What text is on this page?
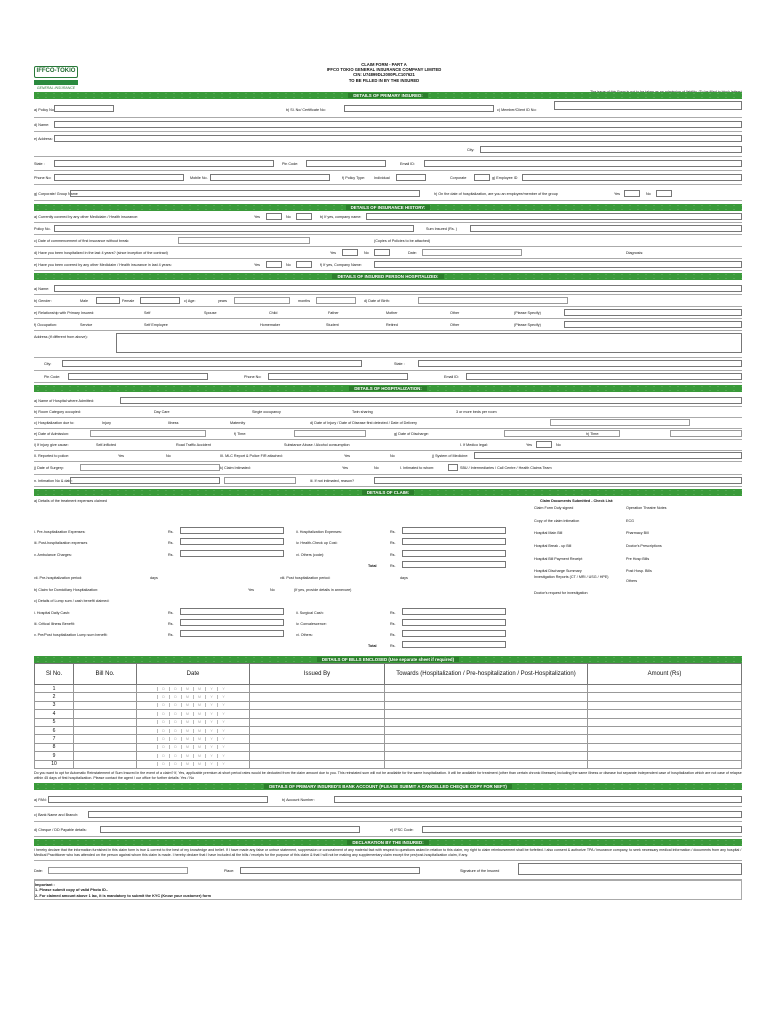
IFFCO-TOKIO
GENERAL INSURANCE
CLAIM FORM - PART A
IFFCO TOKIO GENERAL INSURANCE COMPANY LIMITED
CIN: U74899DL2000PLC107621
TO BE FILLED IN BY THE INSURED
DETAILS OF PRIMARY INSURED:
a) Policy No:	b) Sl. No/ Certificate No:	c) Member/Client ID No:
d) Name:
e) Address:
City:
State :	Pin Code:	Email ID:
Phone No:	Mobile No.	f) Policy Type: Individual	Corporate	g) Employee ID
g) Corporate/ Group Name	h) On the date of hospitalization, are you an employee/member of the group	Yes	No
DETAILS OF INSURANCE HISTORY:
a) Currently covered by any other Mediclaim / Health insurance:	Yes	No	b) If yes, company name:
Policy No.	Sum Insured (Rs. )
c) Date of commencement of first insurance without break:	(Copies of Policies to be attached)
d) Have you been hospitalized in the last 4 years? (since inception of the contract)	Yes	No	Date:	Diagnosis:
e) Have you been covered by any other Mediclaim / Health insurance in last 4 years:	Yes	No	f) If yes, Company Name:
DETAILS OF INSURED PERSON HOSPITALIZED:
a) Name:
b) Gender:	Male	Female	c) Age:	years	months	d) Date of Birth:
e) Relationship with Primary Insured:	Self	Spouse	Child	Father	Mother	Other	(Please Specify)
f) Occupation:	Service	Self Employee	Homemaker	Student	Retired	Other	(Please Specify)
Address (if different from above):
City:	State :
Pin Code:	Phone No:	Email ID:
DETAILS OF HOSPITALIZATION:
a) Name of Hospital where Admitted:
b) Room Category occupied:	Day Care	Single occupancy	Twin sharing	3 or more beds per room
c) Hospitalization due to:	Injury	Illness	Maternity	d) Date of Injury / Date of Disease first detected / Date of Delivery
e) Date of Admission:	f) Time:	g) Date of Discharge:	h) Time:
i) If injury give cause:	Self-inflicted	Road Traffic Accident	Substance Abuse / Alcohol consumption	I. If Medico legal:	Yes	No
II. Reported to police:	Yes	No	III. MLC Report & Police FIR attached:	Yes	No	j) System of Medicine:
j) Date of Surgery:	k) Claim Intimated:	Yes	No	I. Intimated to whom:	SBU / Intermediaries / Call Centre / Health Claims Team
n. Intimation No & date:	iii. If not intimated, reason?
DETAILS OF CLAIM:
a) Details of the treatment expenses claimed	Claim Documents Submitted - Check List:
i. Pre-hospitalization Expenses:	Rs.	ii. Hospitalization Expenses:	Rs.
iii. Post-hospitalization expenses	Rs.	iv. Health-Check up Cost:	Rs.
v. Ambulance Charges:	Rs.	vi. Others (code):	Rs.
Total	Rs.
vii. Pre-hospitalization period:	days	viii. Post hospitalization period:	days
b) Claim for Domiciliary Hospitalization:	Yes	No	(If yes, provide details in annexure)
c) Details of Lump sum / cash benefit claimed:
i. Hospital Daily Cash:	Rs.	ii. Surgical Cash:	Rs.
iii. Critical Illness Benefit:	Rs.	iv. Convalescence:	Rs.
v. Pre/Post hospitalization Lump sum benefit:	Rs.	vi. Others:	Rs.
Total	Rs.
Claim Form Duly signed	Operation Theatre Notes
Copy of the claim intimation	ECG
Hospital Main Bill	Pharmacy Bill
Hospital Break - up Bill	Doctor's Prescriptions
Hospital Bill Payment Receipt	Pre Hosp Bills
Hospital Discharge Summary	Post Hosp. Bills
Investigation Reports (CT / MRI / USG / HPE)
Others
Doctor's request for investigation
DETAILS OF BILLS ENCLOSED (Use separate sheet if required)
Sl No.	Bill No.	Date	Issued By	Towards (Hospitalization / Pre-hospitalization / Post-Hospitalization)	Amount (Rs)
1		D D M M Y Y			
2		D D M M Y Y			
3		D D M M Y Y			
4		D D M M Y Y			
5		D D M M Y Y			
6		D D M M Y Y			
7		D D M M Y Y			
8		D D M M Y Y			
9		D D M M Y Y			
10		D D M M Y Y			
Do you want to opt for Automatic Reinstatement of Sum Insured in the event of a claim? If, Yes, applicable premium at short period rates would be deducted from the claim amount due to you. This reinstated sum will not be available for the same hospitalization. It will be available for treatment (other than certain chronic illnesses) including the same illness or disease but separate independent case of hospitalization which are not case of relapse within 45 days of first hospitalization. Please contact the agent / our office for further details: Yes / No
DETAILS OF PRIMARY INSURED'S BANK ACCOUNT (PLEASE SUBMIT A CANCELLED CHEQUE COPY FOR NEFT)
a) PAN:	b) Account Number:
c) Bank Name and Branch:
d) Cheque / DD Payable details:	e) IFSC Code:
DECLARATION BY THE INSURED:
I hereby declare that the information furnished in this claim form is true & correct to the best of my knowledge and belief. If I have made any false or untrue statement, suppression or concealment of any material fact with respect to questions asked in relation to this claim, my right to claim reimbursement shall be forfeited. I also consent & authorize TPA / insurance company, to seek necessary medical information / documents from any hospital / Medical Practitioner who has attended on the person against whom this claim is made. I hereby declare that I have included all the bills / receipts for the purpose of this claim & that I will not be making any supplementary claim except the pre/post-hospitalization claim, if any.
Date:	Place:	Signature of the Insured
Important :
1- Please submit copy of valid Photo ID..
2- For claimed amount above 1 lac, it is mandatory to submit the KYC (Know your customer) form
